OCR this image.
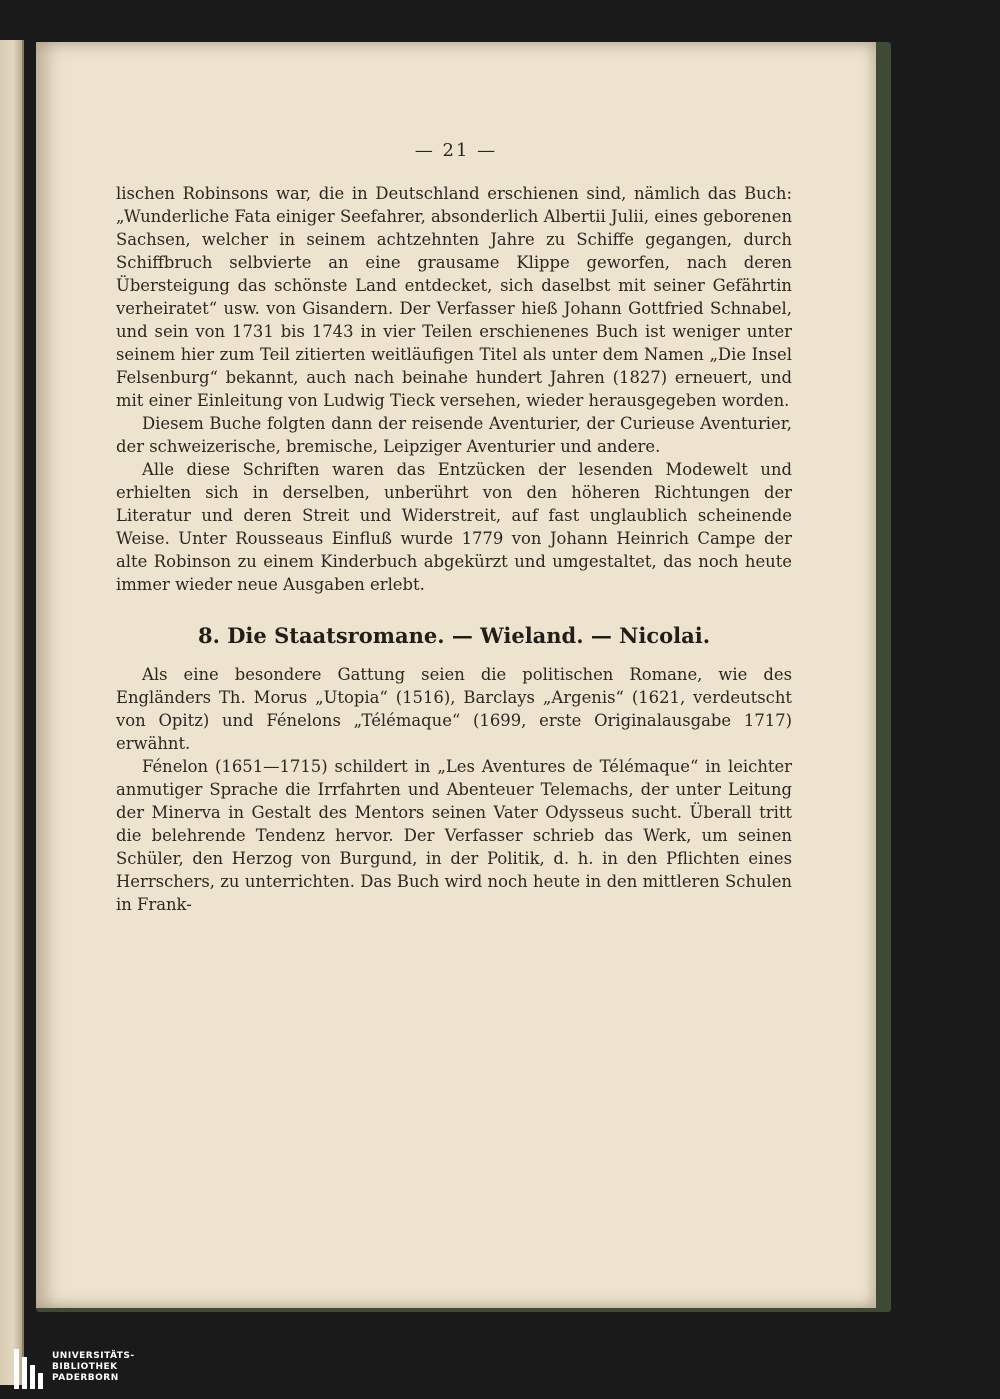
— 21 —

lischen Robinsons war, die in Deutschland erschienen sind, nämlich das Buch: „Wunderliche Fata einiger Seefahrer, absonderlich Albertii Julii, eines geborenen Sachsen, welcher in seinem achtzehnten Jahre zu Schiffe gegangen, durch Schiffbruch selbvierte an eine grausame Klippe geworfen, nach deren Übersteigung das schönste Land entdecket, sich daselbst mit seiner Gefährtin verheiratet“ usw. von Gisandern. Der Verfasser hieß Johann Gottfried Schnabel, und sein von 1731 bis 1743 in vier Teilen erschienenes Buch ist weniger unter seinem hier zum Teil zitierten weitläufigen Titel als unter dem Namen „Die Insel Felsenburg“ bekannt, auch nach beinahe hundert Jahren (1827) erneuert, und mit einer Einleitung von Ludwig Tieck versehen, wieder herausgegeben worden.

Diesem Buche folgten dann der reisende Aventurier, der Curieuse Aventurier, der schweizerische, bremische, Leipziger Aventurier und andere.

Alle diese Schriften waren das Entzücken der lesenden Modewelt und erhielten sich in derselben, unberührt von den höheren Richtungen der Literatur und deren Streit und Widerstreit, auf fast unglaublich scheinende Weise. Unter Rousseaus Einfluß wurde 1779 von Johann Heinrich Campe der alte Robinson zu einem Kinderbuch abgekürzt und umgestaltet, das noch heute immer wieder neue Ausgaben erlebt.

8. Die Staatsromane. — Wieland. — Nicolai.

Als eine besondere Gattung seien die politischen Romane, wie des Engländers Th. Morus „Utopia“ (1516), Barclays „Argenis“ (1621, verdeutscht von Opitz) und Fénelons „Télémaque“ (1699, erste Originalausgabe 1717) erwähnt.

Fénelon (1651—1715) schildert in „Les Aventures de Télémaque“ in leichter anmutiger Sprache die Irrfahrten und Abenteuer Telemachs, der unter Leitung der Minerva in Gestalt des Mentors seinen Vater Odysseus sucht. Überall tritt die belehrende Tendenz hervor. Der Verfasser schrieb das Werk, um seinen Schüler, den Herzog von Burgund, in der Politik, d. h. in den Pflichten eines Herrschers, zu unterrichten. Das Buch wird noch heute in den mittleren Schulen in Frank-

UNIVERSITÄTS-
BIBLIOTHEK
PADERBORN
